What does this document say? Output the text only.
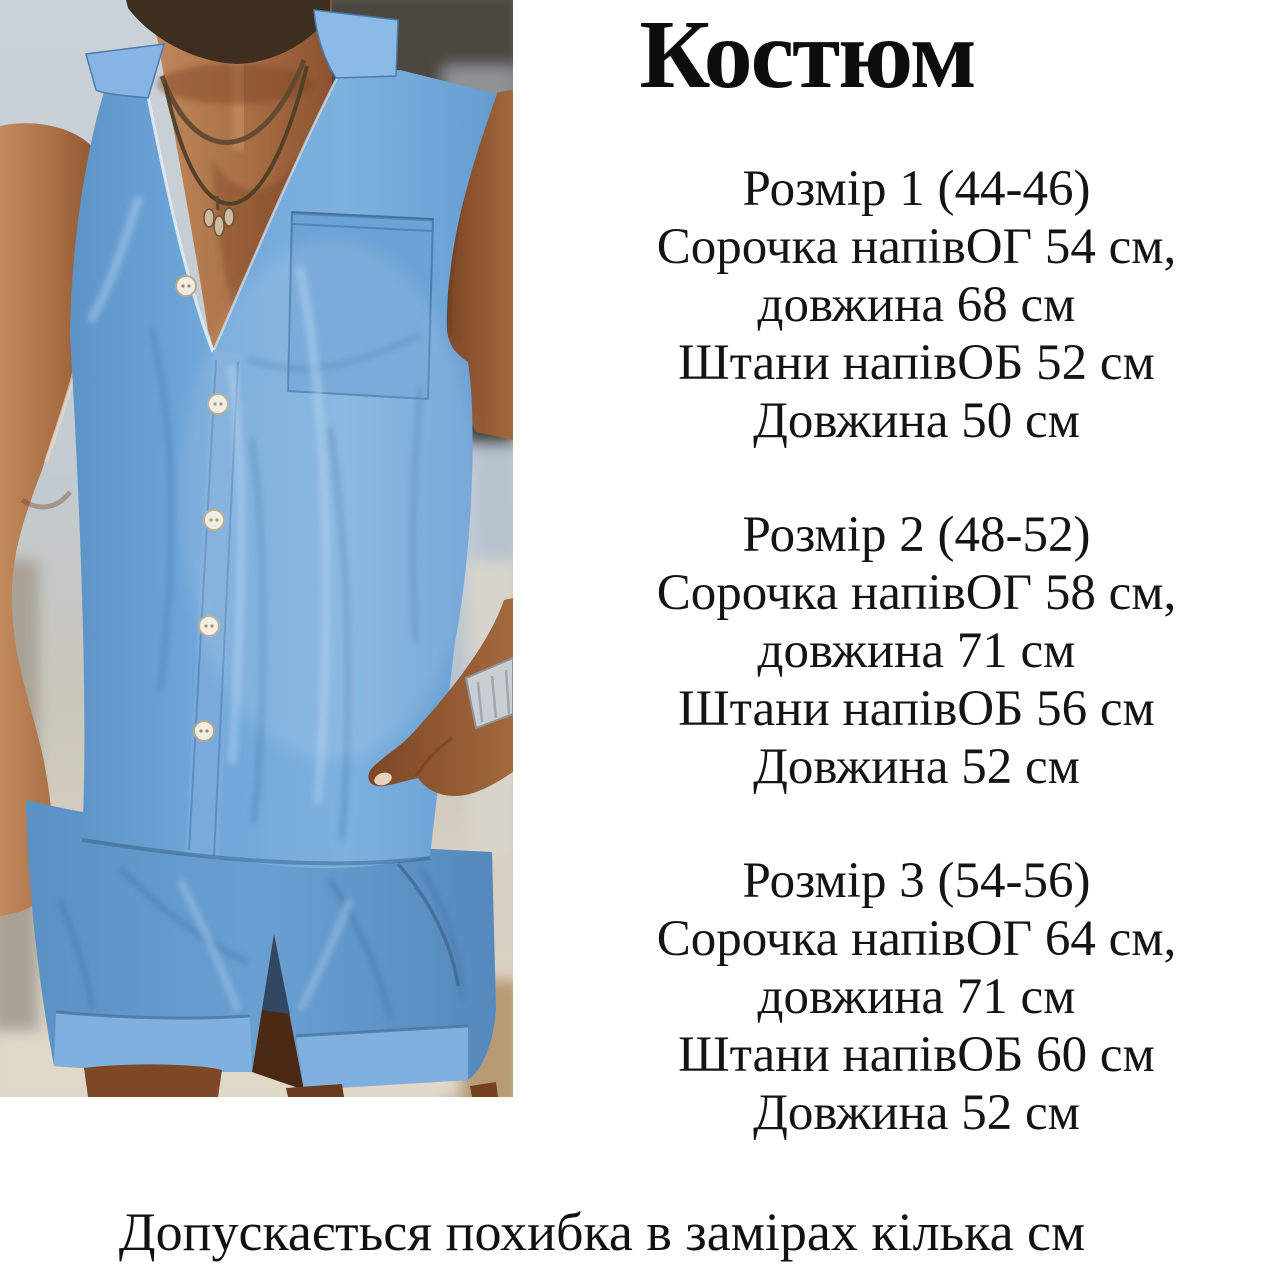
Костюм

Розмір 1 (44-46)

Сорочка напівОГ 54 см,

довжина 68 см

Штани напівОБ 52 см

Довжина 50 см

Розмір 2 (48-52)

Сорочка напівОГ 58 см,

довжина 71 см

Штани напівОБ 56 см

Довжина 52 см

Розмір 3 (54-56)

Сорочка напівОГ 64 см,

довжина 71 см

Штани напівОБ 60 см

Довжина 52 см

Допускається похибка в замірах кілька см
